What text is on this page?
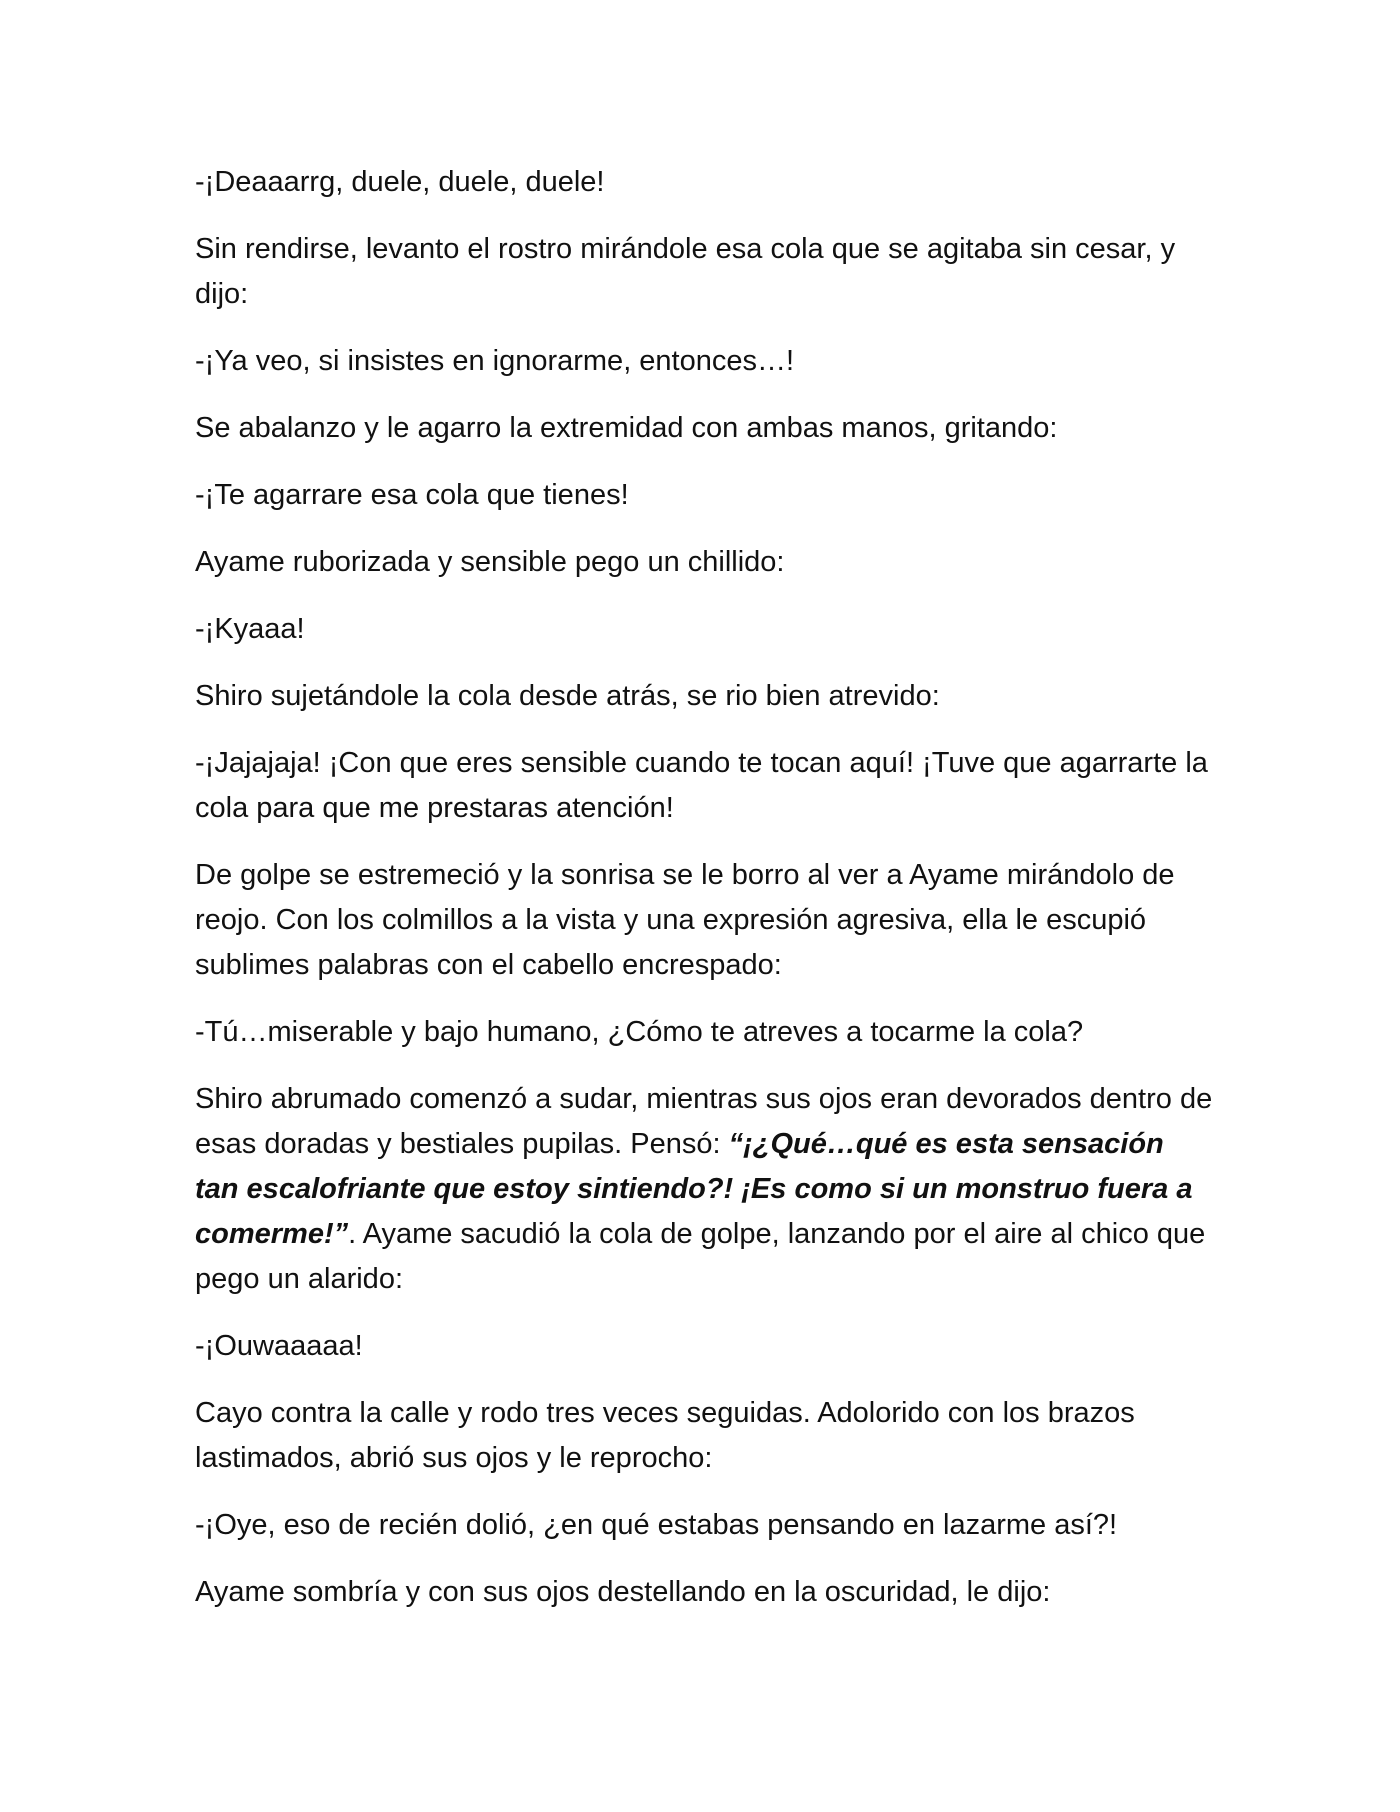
-¡Deaaarrg, duele, duele, duele!

Sin rendirse, levanto el rostro mirándole esa cola que se agitaba sin cesar, y dijo:

-¡Ya veo, si insistes en ignorarme, entonces…!

Se abalanzo y le agarro la extremidad con ambas manos, gritando:

-¡Te agarrare esa cola que tienes!

Ayame ruborizada y sensible pego un chillido:

-¡Kyaaa!

Shiro sujetándole la cola desde atrás, se rio bien atrevido:

-¡Jajajaja! ¡Con que eres sensible cuando te tocan aquí! ¡Tuve que agarrarte la cola para que me prestaras atención!

De golpe se estremeció y la sonrisa se le borro al ver a Ayame mirándolo de reojo. Con los colmillos a la vista y una expresión agresiva, ella le escupió sublimes palabras con el cabello encrespado:

-Tú…miserable y bajo humano, ¿Cómo te atreves a tocarme la cola?

Shiro abrumado comenzó a sudar, mientras sus ojos eran devorados dentro de esas doradas y bestiales pupilas. Pensó: “¡¿Qué…qué es esta sensación tan escalofriante que estoy sintiendo?! ¡Es como si un monstruo fuera a comerme!”. Ayame sacudió la cola de golpe, lanzando por el aire al chico que pego un alarido:

-¡Ouwaaaaa!

Cayo contra la calle y rodo tres veces seguidas. Adolorido con los brazos lastimados, abrió sus ojos y le reprocho:

-¡Oye, eso de recién dolió, ¿en qué estabas pensando en lazarme así?!

Ayame sombría y con sus ojos destellando en la oscuridad, le dijo:
